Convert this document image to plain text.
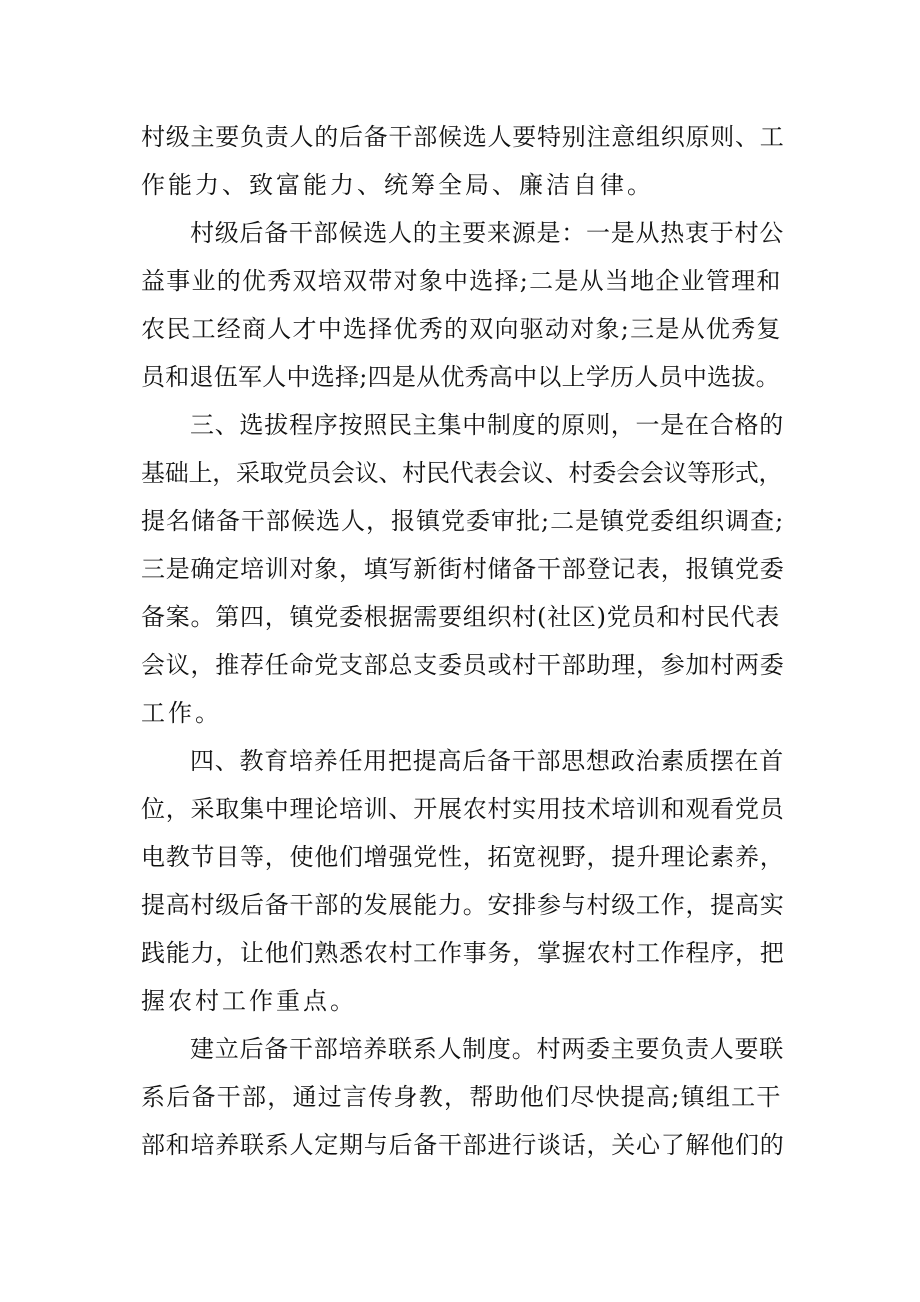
村级主要负责人的后备干部候选人要特别注意组织原则、工
作能力、致富能力、统筹全局、廉洁自律。
村级后备干部候选人的主要来源是：一是从热衷于村公
益事业的优秀双培双带对象中选择;二是从当地企业管理和
农民工经商人才中选择优秀的双向驱动对象;三是从优秀复
员和退伍军人中选择;四是从优秀高中以上学历人员中选拔。
三、选拔程序按照民主集中制度的原则，一是在合格的
基础上，采取党员会议、村民代表会议、村委会会议等形式，
提名储备干部候选人，报镇党委审批;二是镇党委组织调查;
三是确定培训对象，填写新街村储备干部登记表，报镇党委
备案。第四，镇党委根据需要组织村(社区)党员和村民代表
会议，推荐任命党支部总支委员或村干部助理，参加村两委
工作。
四、教育培养任用把提高后备干部思想政治素质摆在首
位，采取集中理论培训、开展农村实用技术培训和观看党员
电教节目等，使他们增强党性，拓宽视野，提升理论素养，
提高村级后备干部的发展能力。安排参与村级工作，提高实
践能力，让他们熟悉农村工作事务，掌握农村工作程序，把
握农村工作重点。
建立后备干部培养联系人制度。村两委主要负责人要联
系后备干部，通过言传身教，帮助他们尽快提高;镇组工干
部和培养联系人定期与后备干部进行谈话，关心了解他们的
